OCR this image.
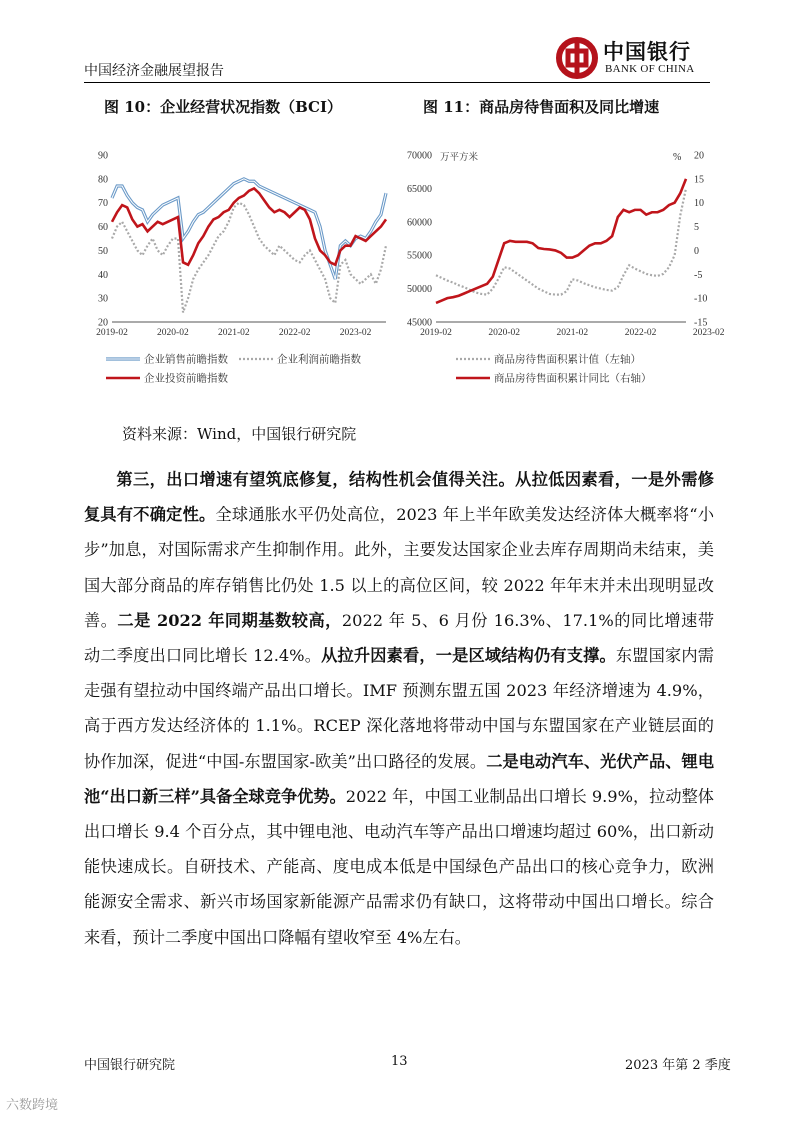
中国经济金融展望报告
中国银行
BANK OF CHINA
图 10：企业经营状况指数（BCI）	图 11：商品房待售面积及同比增速
90
80
70
60
50
40
30
20
2019-02	2020-02	2021-02	2022-02	2023-02
企业销售前瞻指数	企业利润前瞻指数
企业投资前瞻指数
70000
65000
60000
55000
50000
45000
20
15
10
5
0
-5
-10
-15
万平方米	%
2019-02	2020-02	2021-02	2022-02	2023-02
商品房待售面积累计值（左轴）
商品房待售面积累计同比（右轴）
资料来源：Wind，中国银行研究院

第三，出口增速有望筑底修复，结构性机会值得关注。从拉低因素看，一是外需修复具有不确定性。全球通胀水平仍处高位，2023 年上半年欧美发达经济体大概率将“小步”加息，对国际需求产生抑制作用。此外，主要发达国家企业去库存周期尚未结束，美国大部分商品的库存销售比仍处 1.5 以上的高位区间，较 2022 年年末并未出现明显改善。二是 2022 年同期基数较高，2022 年 5、6 月份 16.3%、17.1%的同比增速带动二季度出口同比增长 12.4%。从拉升因素看，一是区域结构仍有支撑。东盟国家内需走强有望拉动中国终端产品出口增长。IMF 预测东盟五国 2023 年经济增速为 4.9%，高于西方发达经济体的 1.1%。RCEP 深化落地将带动中国与东盟国家在产业链层面的协作加深，促进“中国-东盟国家-欧美”出口路径的发展。二是电动汽车、光伏产品、锂电池“出口新三样”具备全球竞争优势。2022 年，中国工业制品出口增长 9.9%，拉动整体出口增长 9.4 个百分点，其中锂电池、电动汽车等产品出口增速均超过 60%，出口新动能快速成长。自研技术、产能高、度电成本低是中国绿色产品出口的核心竞争力，欧洲能源安全需求、新兴市场国家新能源产品需求仍有缺口，这将带动中国出口增长。综合来看，预计二季度中国出口降幅有望收窄至 4%左右。

中国银行研究院	13	2023 年第 2 季度
六数跨境
